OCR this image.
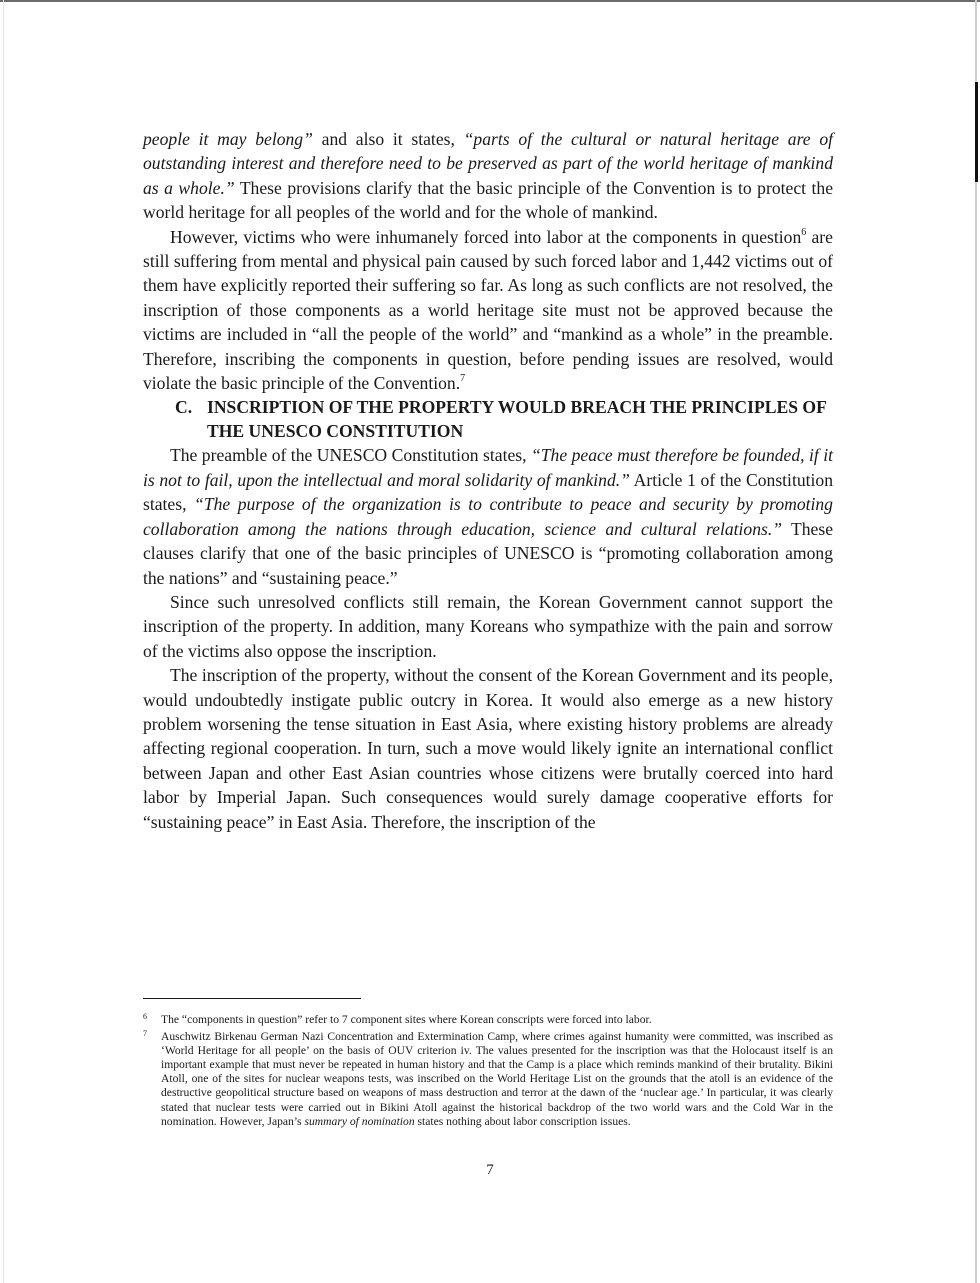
people it may belong” and also it states, “parts of the cultural or natural heritage are of outstanding interest and therefore need to be preserved as part of the world heritage of mankind as a whole.” These provisions clarify that the basic principle of the Convention is to protect the world heritage for all peoples of the world and for the whole of mankind.

However, victims who were inhumanely forced into labor at the components in question$^6$ are still suffering from mental and physical pain caused by such forced labor and 1,442 victims out of them have explicitly reported their suffering so far. As long as such conflicts are not resolved, the inscription of those components as a world heritage site must not be approved because the victims are included in “all the people of the world” and “mankind as a whole” in the preamble. Therefore, inscribing the components in question, before pending issues are resolved, would violate the basic principle of the Convention.$^7$

C. INSCRIPTION OF THE PROPERTY WOULD BREACH THE PRINCIPLES OF THE UNESCO CONSTITUTION

The preamble of the UNESCO Constitution states, “The peace must therefore be founded, if it is not to fail, upon the intellectual and moral solidarity of mankind.” Article 1 of the Constitution states, “The purpose of the organization is to contribute to peace and security by promoting collaboration among the nations through education, science and cultural relations.” These clauses clarify that one of the basic principles of UNESCO is “promoting collaboration among the nations” and “sustaining peace.”

Since such unresolved conflicts still remain, the Korean Government cannot support the inscription of the property. In addition, many Koreans who sympathize with the pain and sorrow of the victims also oppose the inscription.

The inscription of the property, without the consent of the Korean Government and its people, would undoubtedly instigate public outcry in Korea. It would also emerge as a new history problem worsening the tense situation in East Asia, where existing history problems are already affecting regional cooperation. In turn, such a move would likely ignite an international conflict between Japan and other East Asian countries whose citizens were brutally coerced into hard labor by Imperial Japan. Such consequences would surely damage cooperative efforts for “sustaining peace” in East Asia. Therefore, the inscription of the

6 The “components in question” refer to 7 component sites where Korean conscripts were forced into labor.
7 Auschwitz Birkenau German Nazi Concentration and Extermination Camp, where crimes against humanity were committed, was inscribed as ‘World Heritage for all people’ on the basis of OUV criterion iv. The values presented for the inscription was that the Holocaust itself is an important example that must never be repeated in human history and that the Camp is a place which reminds mankind of their brutality. Bikini Atoll, one of the sites for nuclear weapons tests, was inscribed on the World Heritage List on the grounds that the atoll is an evidence of the destructive geopolitical structure based on weapons of mass destruction and terror at the dawn of the ‘nuclear age.’ In particular, it was clearly stated that nuclear tests were carried out in Bikini Atoll against the historical backdrop of the two world wars and the Cold War in the nomination. However, Japan’s summary of nomination states nothing about labor conscription issues.
7
